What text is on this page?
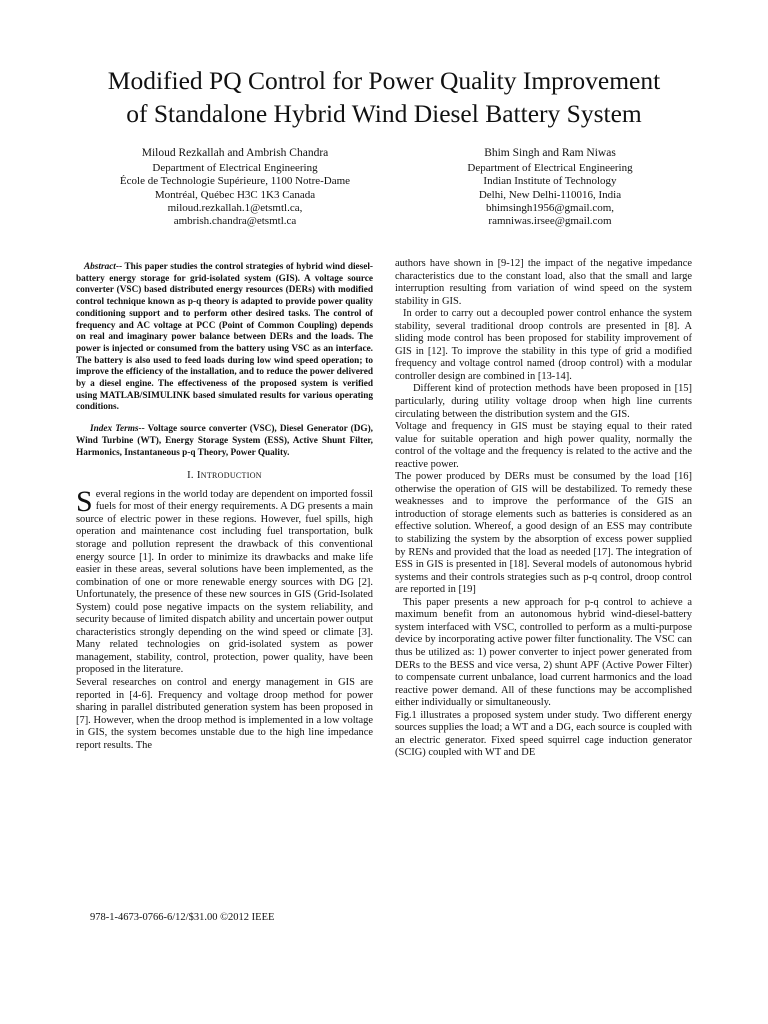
Modified PQ Control for Power Quality Improvement
of Standalone Hybrid Wind Diesel Battery System
Miloud Rezkallah and Ambrish Chandra
Department of Electrical Engineering
École de Technologie Supérieure, 1100 Notre-Dame
Montréal, Québec H3C 1K3 Canada
miloud.rezkallah.1@etsmtl.ca,
ambrish.chandra@etsmtl.ca
Bhim Singh and Ram Niwas
Department of Electrical Engineering
Indian Institute of Technology
Delhi, New Delhi-110016, India
bhimsingh1956@gmail.com,
ramniwas.irsee@gmail.com

Abstract-- This paper studies the control strategies of hybrid wind diesel-battery energy storage for grid-isolated system (GIS). A voltage source converter (VSC) based distributed energy resources (DERs) with modified control technique known as p-q theory is adapted to provide power quality conditioning support and to perform other desired tasks. The control of frequency and AC voltage at PCC (Point of Common Coupling) depends on real and imaginary power balance between DERs and the loads. The power is injected or consumed from the battery using VSC as an interface. The battery is also used to feed loads during low wind speed operation; to improve the efficiency of the installation, and to reduce the power delivered by a diesel engine. The effectiveness of the proposed system is verified using MATLAB/SIMULINK based simulated results for various operating conditions.

Index Terms-- Voltage source converter (VSC), Diesel Generator (DG), Wind Turbine (WT), Energy Storage System (ESS), Active Shunt Filter, Harmonics, Instantaneous p-q Theory, Power Quality.

I. Introduction

Several regions in the world today are dependent on imported fossil fuels for most of their energy requirements. A DG presents a main source of electric power in these regions. However, fuel spills, high operation and maintenance cost including fuel transportation, bulk storage and pollution represent the drawback of this conventional energy source [1]. In order to minimize its drawbacks and make life easier in these areas, several solutions have been implemented, as the combination of one or more renewable energy sources with DG [2]. Unfortunately, the presence of these new sources in GIS (Grid-Isolated System) could pose negative impacts on the system reliability, and security because of limited dispatch ability and uncertain power output characteristics strongly depending on the wind speed or climate [3]. Many related technologies on grid-isolated system as power management, stability, control, protection, power quality, have been proposed in the literature.

Several researches on control and energy management in GIS are reported in [4-6]. Frequency and voltage droop method for power sharing in parallel distributed generation system has been proposed in [7]. However, when the droop method is implemented in a low voltage in GIS, the system becomes unstable due to the high line impedance report results. The

authors have shown in [9-12] the impact of the negative impedance characteristics due to the constant load, also that the small and large interruption resulting from variation of wind speed on the system stability in GIS.

In order to carry out a decoupled power control enhance the system stability, several traditional droop controls are presented in [8]. A sliding mode control has been proposed for stability improvement of GIS in [12]. To improve the stability in this type of grid a modified frequency and voltage control named (droop control) with a modular controller design are combined in [13-14].

Different kind of protection methods have been proposed in [15] particularly, during utility voltage droop when high line currents circulating between the distribution system and the GIS.

Voltage and frequency in GIS must be staying equal to their rated value for suitable operation and high power quality, normally the control of the voltage and the frequency is related to the active and the reactive power.

The power produced by DERs must be consumed by the load [16] otherwise the operation of GIS will be destabilized. To remedy these weaknesses and to improve the performance of the GIS an introduction of storage elements such as batteries is considered as an effective solution. Whereof, a good design of an ESS may contribute to stabilizing the system by the absorption of excess power supplied by RENs and provided that the load as needed [17]. The integration of ESS in GIS is presented in [18]. Several models of autonomous hybrid systems and their controls strategies such as p-q control, droop control are reported in [19]

This paper presents a new approach for p-q control to achieve a maximum benefit from an autonomous hybrid wind-diesel-battery system interfaced with VSC, controlled to perform as a multi-purpose device by incorporating active power filter functionality. The VSC can thus be utilized as: 1) power converter to inject power generated from DERs to the BESS and vice versa, 2) shunt APF (Active Power Filter) to compensate current unbalance, load current harmonics and the load reactive power demand. All of these functions may be accomplished either individually or simultaneously.

Fig.1 illustrates a proposed system under study. Two different energy sources supplies the load; a WT and a DG, each source is coupled with an electric generator. Fixed speed squirrel cage induction generator (SCIG) coupled with WT and DE

978-1-4673-0766-6/12/$31.00 ©2012 IEEE
